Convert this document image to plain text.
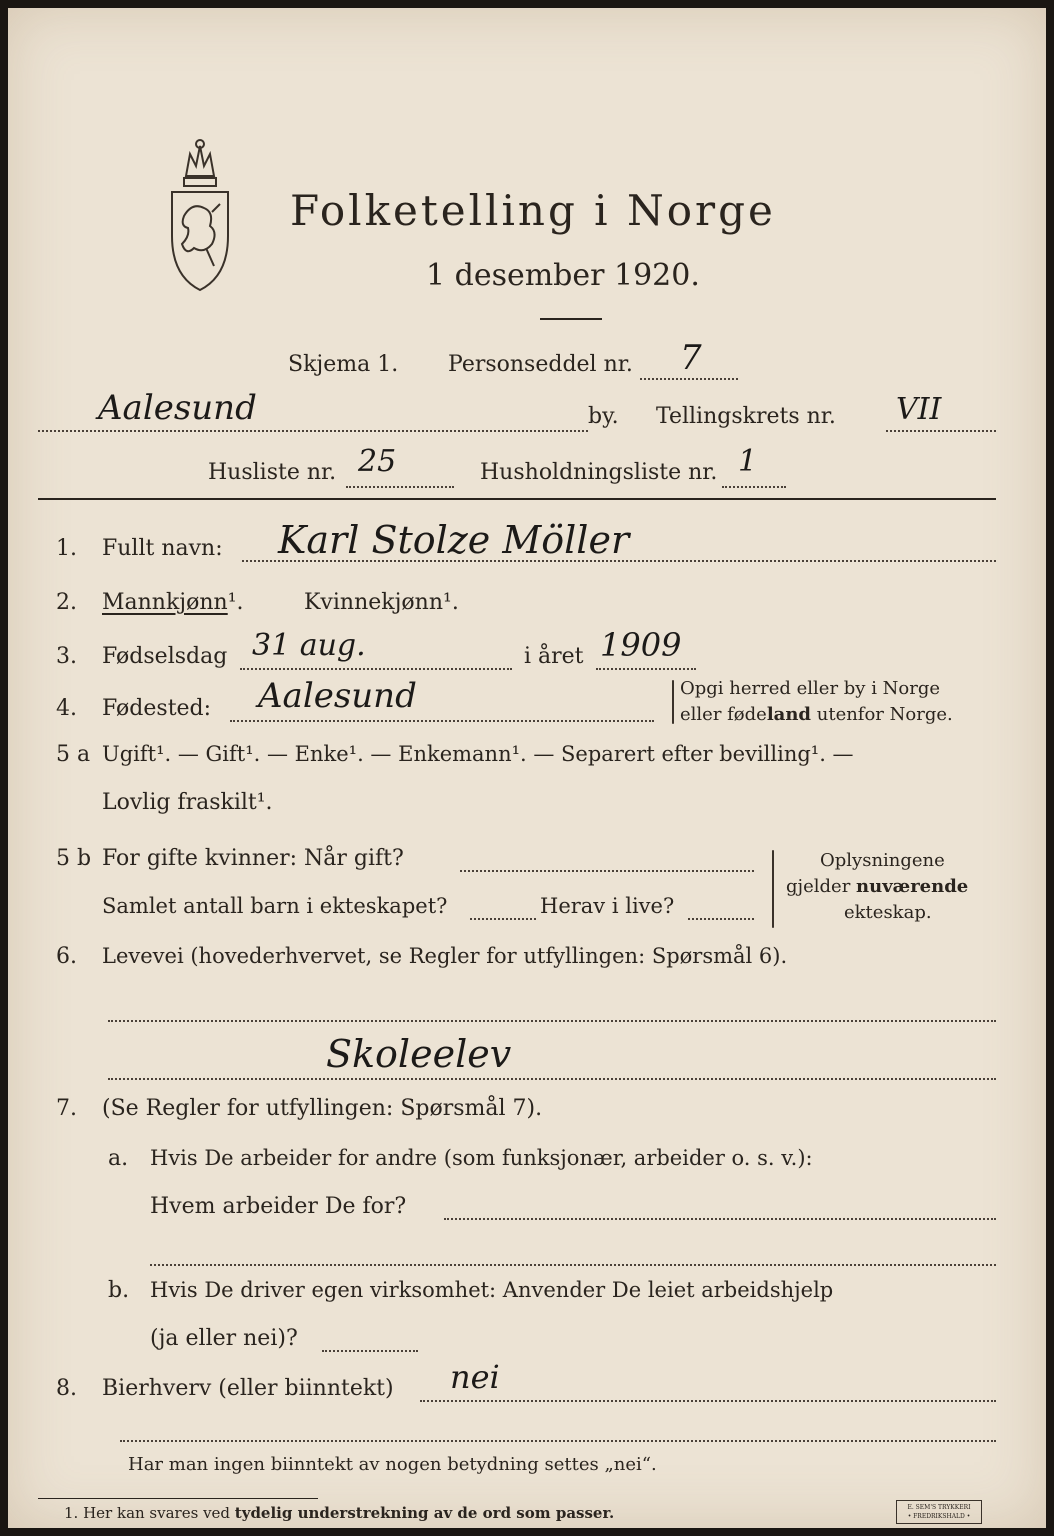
Folketelling i Norge
1 desember 1920.
Skjema 1. Personseddel nr. 7
Aalesund	by. Tellingskrets nr. VII
Husliste nr. 25	Husholdningsliste nr. 1
1. Fullt navn: Karl Stolze Möller
2. Mannkjønn¹.	Kvinnekjønn¹.
3. Fødselsdag 31 aug.	i året 1909
4. Fødested: Aalesund	Opgi herred eller by i Norge
eller fødeland utenfor Norge.
5 a Ugift¹. — Gift¹. — Enke¹. — Enkemann¹. — Separert efter bevilling¹. —
Lovlig fraskilt¹.
5 b For gifte kvinner: Når gift?
Samlet antall barn i ekteskapet?	Herav i live?
Oplysningene
gjelder nuværende
ekteskap.
6. Levevei (hovederhvervet, se Regler for utfyllingen: Spørsmål 6).
Skoleelev
7. (Se Regler for utfyllingen: Spørsmål 7).
a. Hvis De arbeider for andre (som funksjonær, arbeider o. s. v.):
Hvem arbeider De for?
b. Hvis De driver egen virksomhet: Anvender De leiet arbeidshjelp
(ja eller nei)?
8. Bierhverv (eller biinntekt) nei
Har man ingen biinntekt av nogen betydning settes „nei“.
1. Her kan svares ved tydelig understrekning av de ord som passer.	E. SEM'S TRYKKERI
• FREDRIKSHALD •
